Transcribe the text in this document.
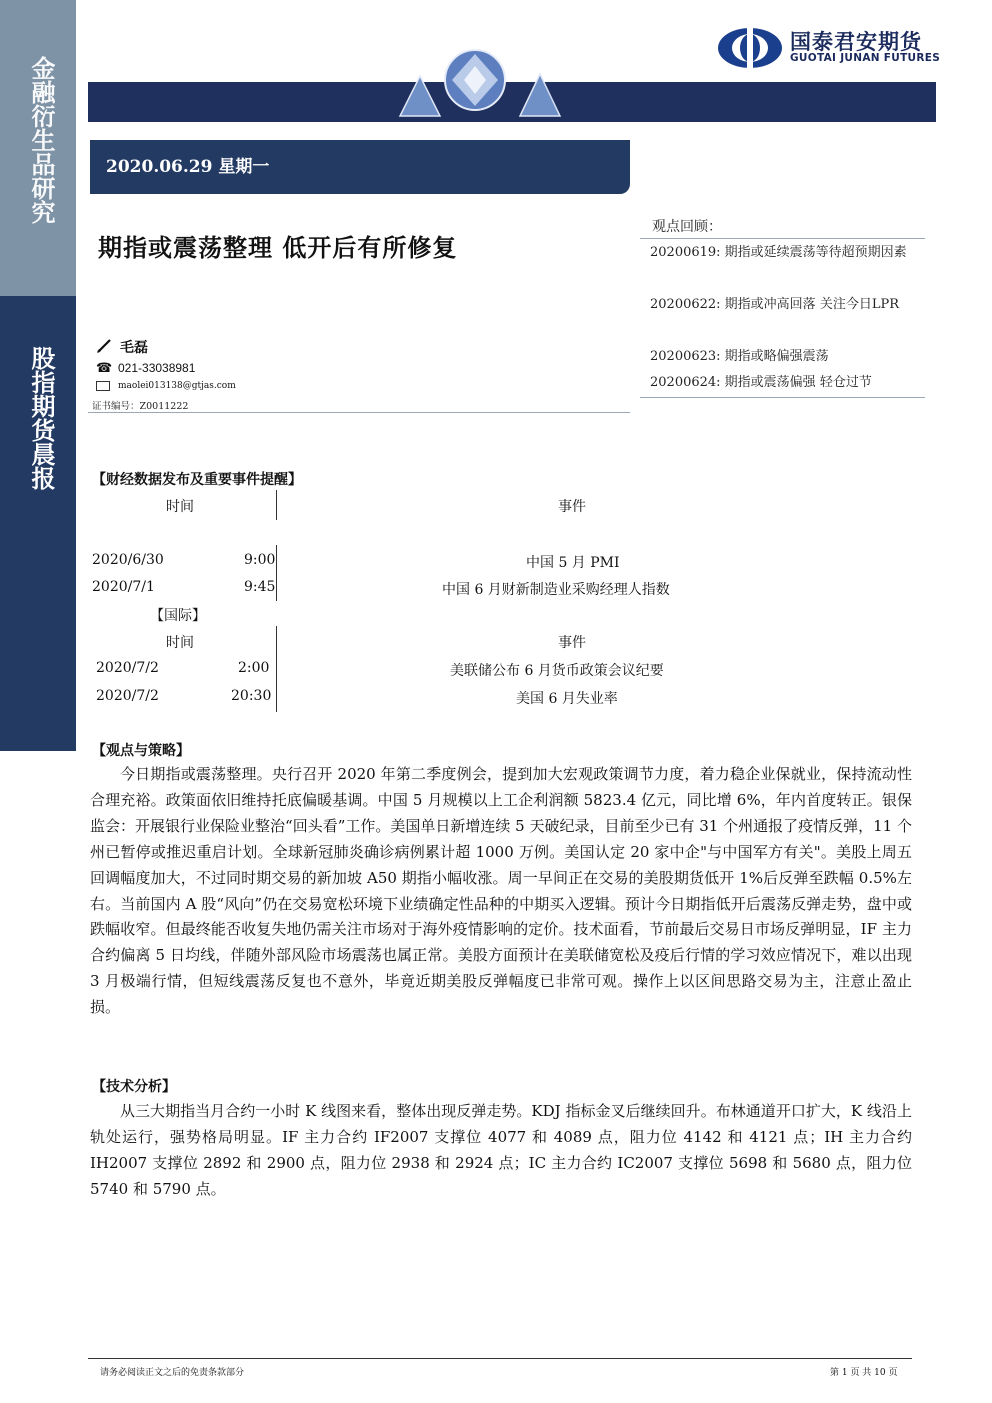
金融衍生品研究
股指期货晨报
国泰君安期货
GUOTAI JUNAN FUTURES
2020.06.29 星期一
期指或震荡整理 低开后有所修复
观点回顾：
20200619: 期指或延续震荡等待超预期因素
20200622: 期指或冲高回落 关注今日LPR
20200623: 期指或略偏强震荡
20200624: 期指或震荡偏强 轻仓过节
毛磊
☎ 021-33038981
maolei013138@gtjas.com
证书编号：Z0011222
【财经数据发布及重要事件提醒】
时间	事件
2020/6/30	9:00	中国 5 月 PMI
2020/7/1	9:45	中国 6 月财新制造业采购经理人指数
【国际】
时间	事件
2020/7/2	2:00	美联储公布 6 月货币政策会议纪要
2020/7/2	20:30	美国 6 月失业率
【观点与策略】
今日期指或震荡整理。央行召开 2020 年第二季度例会，提到加大宏观政策调节力度，着力稳企业保就业，保持流动性合理充裕。政策面依旧维持托底偏暖基调。中国 5 月规模以上工企利润额 5823.4 亿元，同比增 6%，年内首度转正。银保监会：开展银行业保险业整治“回头看”工作。美国单日新增连续 5 天破纪录，目前至少已有 31 个州通报了疫情反弹，11 个州已暂停或推迟重启计划。全球新冠肺炎确诊病例累计超 1000 万例。美国认定 20 家中企"与中国军方有关"。美股上周五回调幅度加大，不过同时期交易的新加坡 A50 期指小幅收涨。周一早间正在交易的美股期货低开 1%后反弹至跌幅 0.5%左右。当前国内 A 股“风向”仍在交易宽松环境下业绩确定性品种的中期买入逻辑。预计今日期指低开后震荡反弹走势，盘中或跌幅收窄。但最终能否收复失地仍需关注市场对于海外疫情影响的定价。技术面看，节前最后交易日市场反弹明显，IF 主力合约偏离 5 日均线，伴随外部风险市场震荡也属正常。美股方面预计在美联储宽松及疫后行情的学习效应情况下，难以出现 3 月极端行情，但短线震荡反复也不意外，毕竟近期美股反弹幅度已非常可观。操作上以区间思路交易为主，注意止盈止损。
【技术分析】
从三大期指当月合约一小时 K 线图来看，整体出现反弹走势。KDJ 指标金叉后继续回升。布林通道开口扩大，K 线沿上轨处运行，强势格局明显。IF 主力合约 IF2007 支撑位 4077 和 4089 点，阻力位 4142 和 4121 点；IH 主力合约 IH2007 支撑位 2892 和 2900 点，阻力位 2938 和 2924 点；IC 主力合约 IC2007 支撑位 5698 和 5680 点，阻力位 5740 和 5790 点。
请务必阅读正文之后的免责条款部分	第 1 页 共 10 页
